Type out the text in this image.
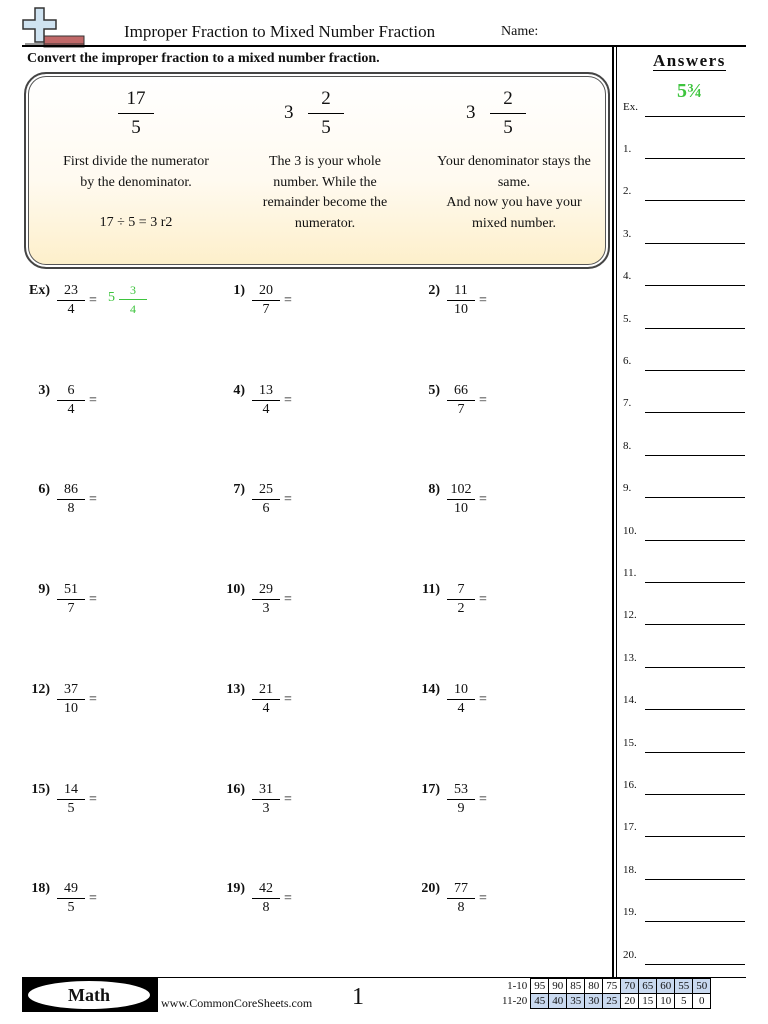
Improper Fraction to Mixed Number Fraction	Name:
Convert the improper fraction to a mixed number fraction.
17
5
First divide the numerator
by the denominator.
17 ÷ 5 = 3 r2
3
2
5
The 3 is your whole
number. While the
remainder become the
numerator.
3
2
5
Your denominator stays the
same.
And now you have your
mixed number.
Ex)	23
4
=
1)	20
7
=
2)	11
10
=
3)	6
4
=
4)	13
4
=
5)	66
7
=
6)	86
8
=
7)	25
6
=
8) 102
10
=
9)	51
7
=
10)	29
3
=
11)	7
2
=
12)	37
10
=
13)	21
4
=
14)	10
4
=
15)	14
5
=
16)	31
3
=
17)	53
9
=
18)	49
5
=
19)	42
8
=
20)	77
8
=
5	3
4
Answers
Ex.
5¾
1.
2.
3.
4.
5.
6.
7.
8.
9.
10.
11.
12.
13.
14.
15.
16.
17.
18.
19.
20.
Math	www.CommonCoreSheets.com 1	1-10	95	90	85	80	75	70	65	60	55	50
11-20	45	40	35	30	25	20	15	10	5	0
